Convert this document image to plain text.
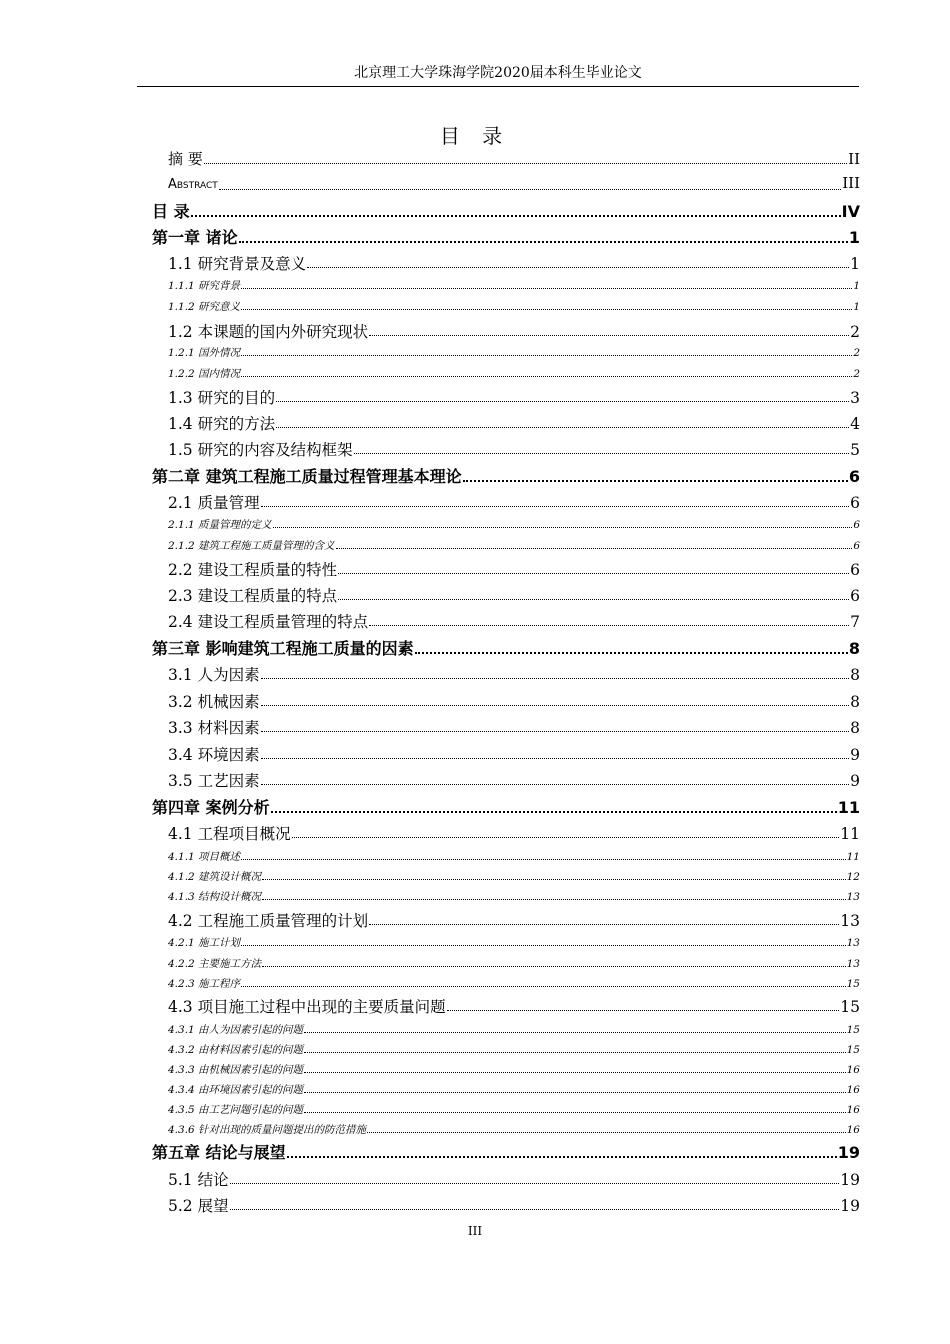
北京理工大学珠海学院2020届本科生毕业论文
目 录
摘 要	II
Abstract	III
目 录	IV
第一章 诸论	1
1.1 研究背景及意义	1
1.1.1 研究背景	1
1.1.2 研究意义	1
1.2 本课题的国内外研究现状	2
1.2.1 国外情况	2
1.2.2 国内情况	2
1.3 研究的目的	3
1.4 研究的方法	4
1.5 研究的内容及结构框架	5
第二章 建筑工程施工质量过程管理基本理论	6
2.1 质量管理	6
2.1.1 质量管理的定义	6
2.1.2 建筑工程施工质量管理的含义	6
2.2 建设工程质量的特性	6
2.3 建设工程质量的特点	6
2.4 建设工程质量管理的特点	7
第三章 影响建筑工程施工质量的因素	8
3.1 人为因素	8
3.2 机械因素	8
3.3 材料因素	8
3.4 环境因素	9
3.5 工艺因素	9
第四章 案例分析	11
4.1 工程项目概况	11
4.1.1 项目概述	11
4.1.2 建筑设计概况	12
4.1.3 结构设计概况	13
4.2 工程施工质量管理的计划	13
4.2.1 施工计划	13
4.2.2 主要施工方法	13
4.2.3 施工程序	15
4.3 项目施工过程中出现的主要质量问题	15
4.3.1 由人为因素引起的问题	15
4.3.2 由材料因素引起的问题	15
4.3.3 由机械因素引起的问题	16
4.3.4 由环境因素引起的问题	16
4.3.5 由工艺问题引起的问题	16
4.3.6 针对出现的质量问题提出的防范措施	16
第五章 结论与展望	19
5.1 结论	19
5.2 展望	19
III
